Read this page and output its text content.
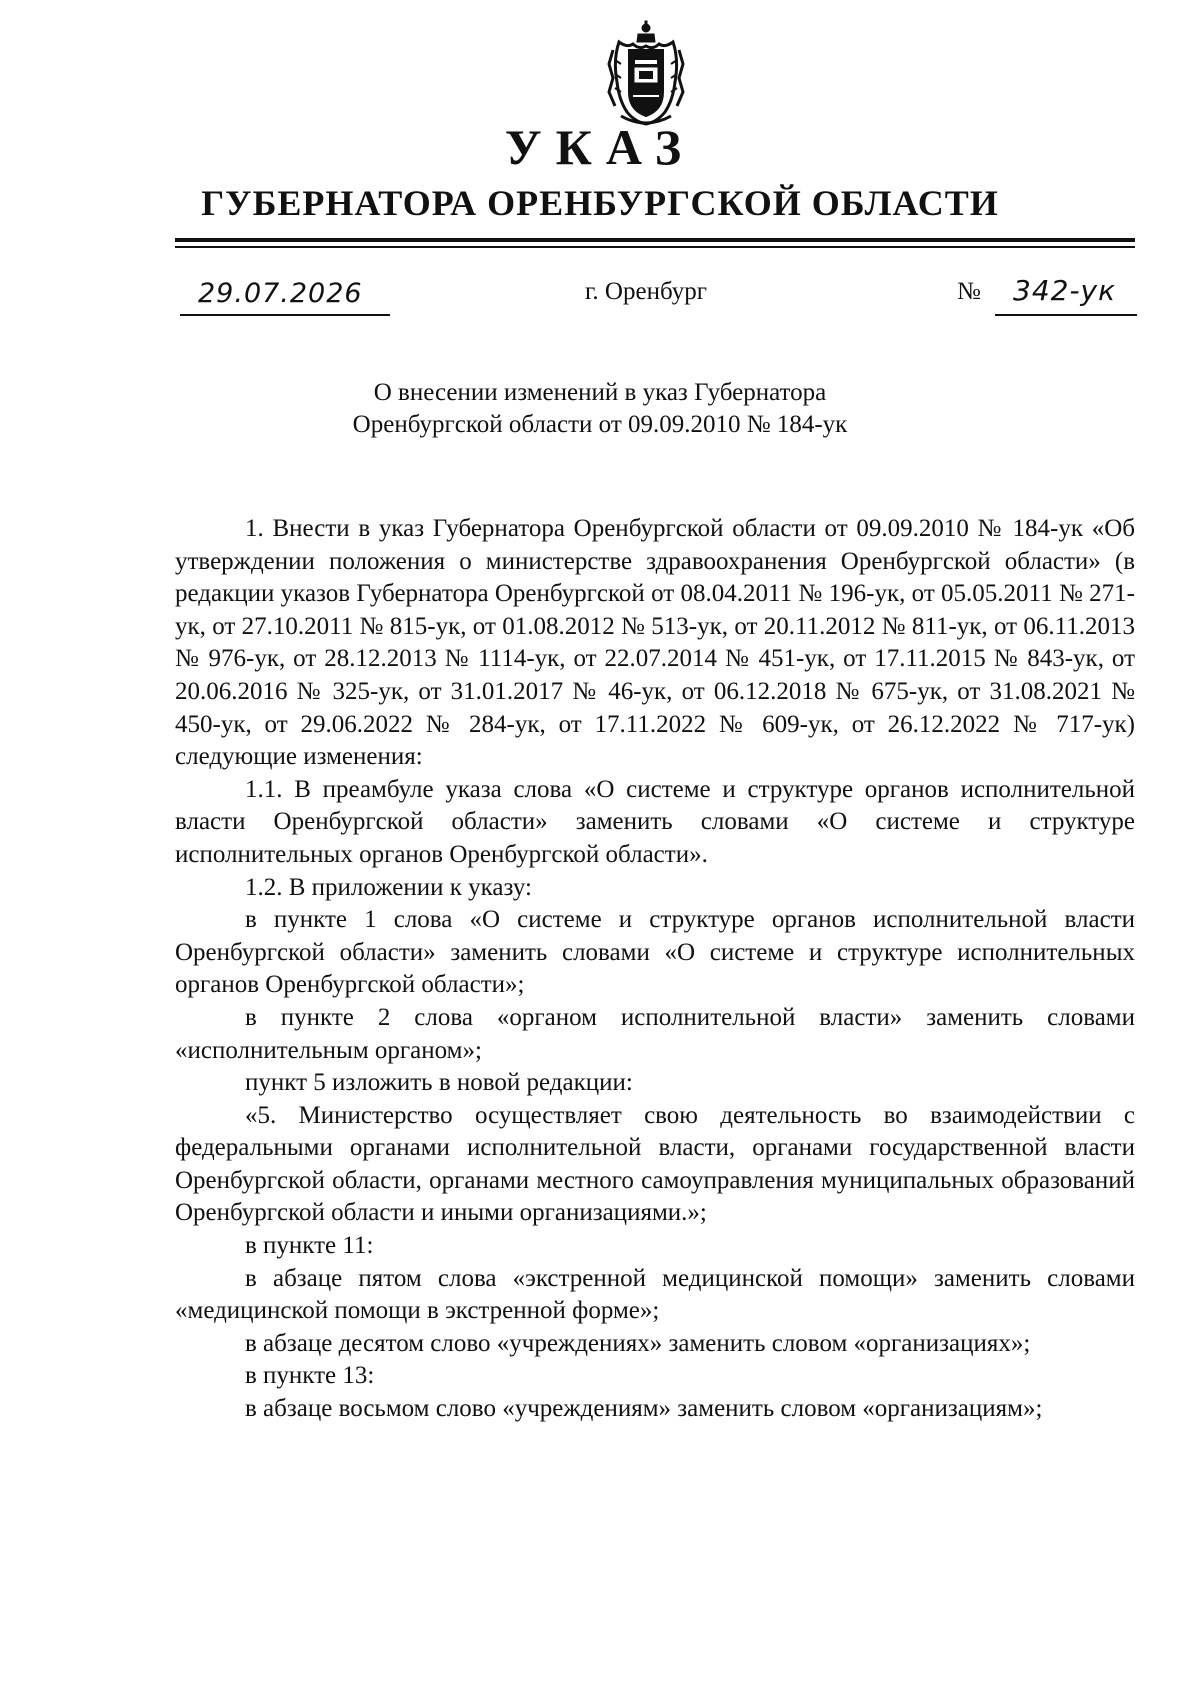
УКАЗ
ГУБЕРНАТОРА ОРЕНБУРГСКОЙ ОБЛАСТИ
29.07.2026	г. Оренбург	№ 342-ук
О внесении изменений в указ Губернатора
Оренбургской области от 09.09.2010 № 184-ук

1. Внести в указ Губернатора Оренбургской области от 09.09.2010 № 184-ук «Об утверждении положения о министерстве здравоохранения Оренбургской области» (в редакции указов Губернатора Оренбургской от 08.04.2011 № 196-ук, от 05.05.2011 № 271-ук, от 27.10.2011 № 815-ук, от 01.08.2012 № 513-ук, от 20.11.2012 № 811-ук, от 06.11.2013 № 976-ук, от 28.12.2013 № 1114-ук, от 22.07.2014 № 451-ук, от 17.11.2015 № 843-ук, от 20.06.2016 № 325-ук, от 31.01.2017 № 46-ук, от 06.12.2018 № 675-ук, от 31.08.2021 № 450-ук, от 29.06.2022 № 284-ук, от 17.11.2022 № 609-ук, от 26.12.2022 № 717-ук) следующие изменения:

1.1. В преамбуле указа слова «О системе и структуре органов исполнительной власти Оренбургской области» заменить словами «О системе и структуре исполнительных органов Оренбургской области».

1.2. В приложении к указу:

в пункте 1 слова «О системе и структуре органов исполнительной власти Оренбургской области» заменить словами «О системе и структуре исполнительных органов Оренбургской области»;

в пункте 2 слова «органом исполнительной власти» заменить словами «исполнительным органом»;

пункт 5 изложить в новой редакции:

«5. Министерство осуществляет свою деятельность во взаимодействии с федеральными органами исполнительной власти, органами государственной власти Оренбургской области, органами местного самоуправления муниципальных образований Оренбургской области и иными организациями.»;

в пункте 11:

в абзаце пятом слова «экстренной медицинской помощи» заменить словами «медицинской помощи в экстренной форме»;

в абзаце десятом слово «учреждениях» заменить словом «организациях»;

в пункте 13:

в абзаце восьмом слово «учреждениям» заменить словом «организациям»;
